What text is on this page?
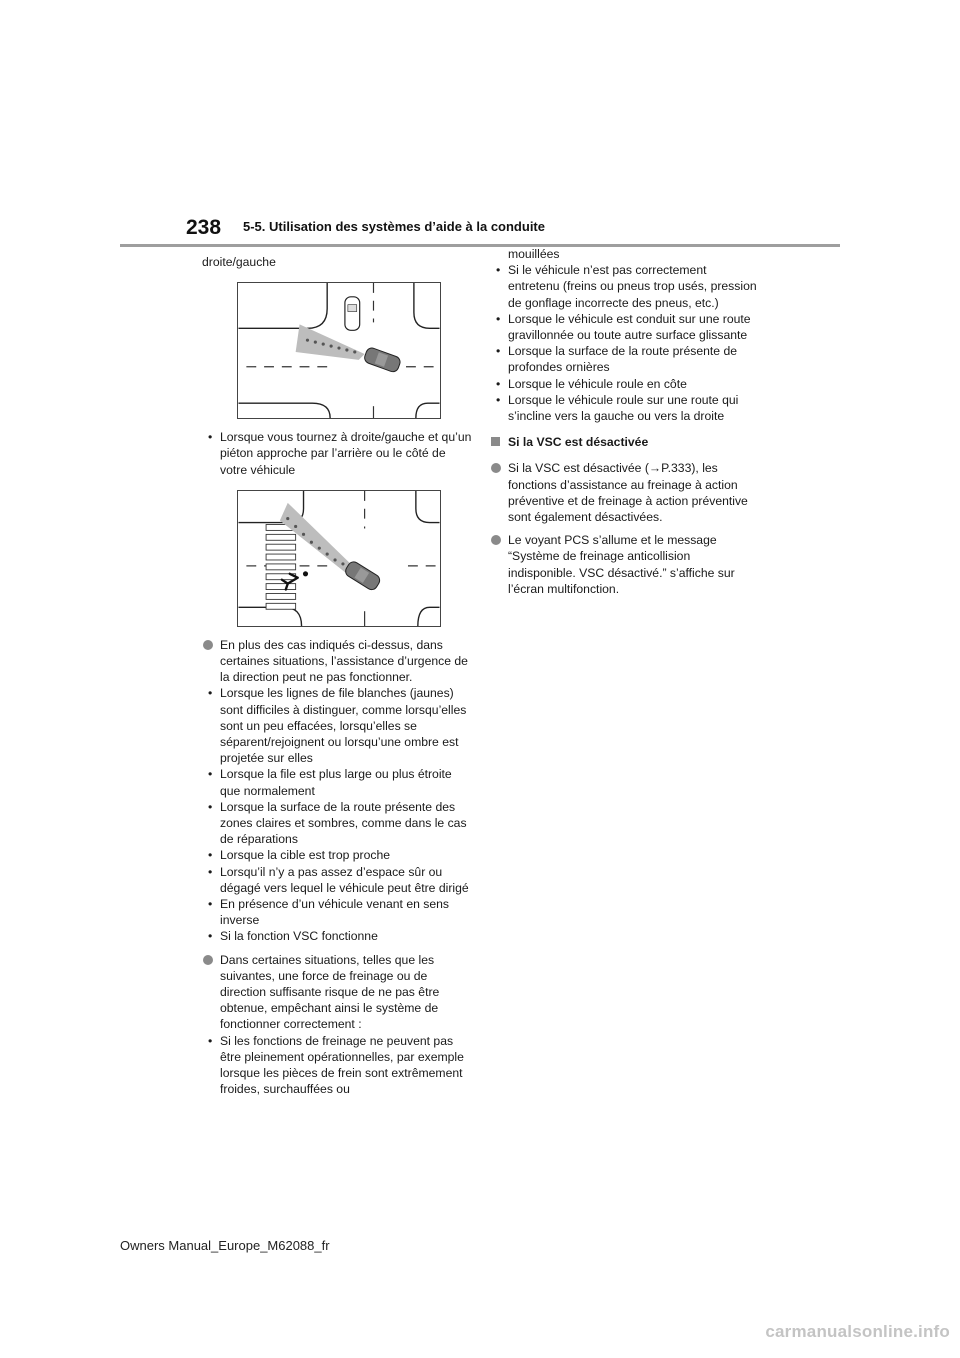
238 5-5. Utilisation des systèmes d’aide à la conduite

droite/gauche

• Lorsque vous tournez à droite/gauche et qu’un piéton approche par l’arrière ou le côté de votre véhicule
En plus des cas indiqués ci-dessus, dans certaines situations, l’assistance d’urgence de la direction peut ne pas fonctionner.
• Lorsque les lignes de file blanches (jaunes) sont difficiles à distinguer, comme lorsqu’elles sont un peu effacées, lorsqu’elles se séparent/rejoignent ou lorsqu’une ombre est projetée sur elles
• Lorsque la file est plus large ou plus étroite que normalement
• Lorsque la surface de la route présente des zones claires et sombres, comme dans le cas de réparations
• Lorsque la cible est trop proche
• Lorsqu’il n’y a pas assez d’espace sûr ou dégagé vers lequel le véhicule peut être dirigé
• En présence d’un véhicule venant en sens inverse
• Si la fonction VSC fonctionne
Dans certaines situations, telles que les suivantes, une force de freinage ou de direction suffisante risque de ne pas être obtenue, empêchant ainsi le système de fonctionner correctement :
• Si les fonctions de freinage ne peuvent pas être pleinement opérationnelles, par exemple lorsque les pièces de frein sont extrêmement froides, surchauffées ou

mouillées

• Si le véhicule n’est pas correctement entretenu (freins ou pneus trop usés, pression de gonflage incorrecte des pneus, etc.)
• Lorsque le véhicule est conduit sur une route gravillonnée ou toute autre surface glissante
• Lorsque la surface de la route présente de profondes ornières
• Lorsque le véhicule roule en côte
• Lorsque le véhicule roule sur une route qui s’incline vers la gauche ou vers la droite
Si la VSC est désactivée
Si la VSC est désactivée (→P.333), les fonctions d’assistance au freinage à action préventive et de freinage à action préventive sont également désactivées.
Le voyant PCS s’allume et le message “Système de freinage anticollision indisponible. VSC désactivé.” s’affiche sur l’écran multifonction.
Owners Manual_Europe_M62088_fr
carmanualsonline.info
